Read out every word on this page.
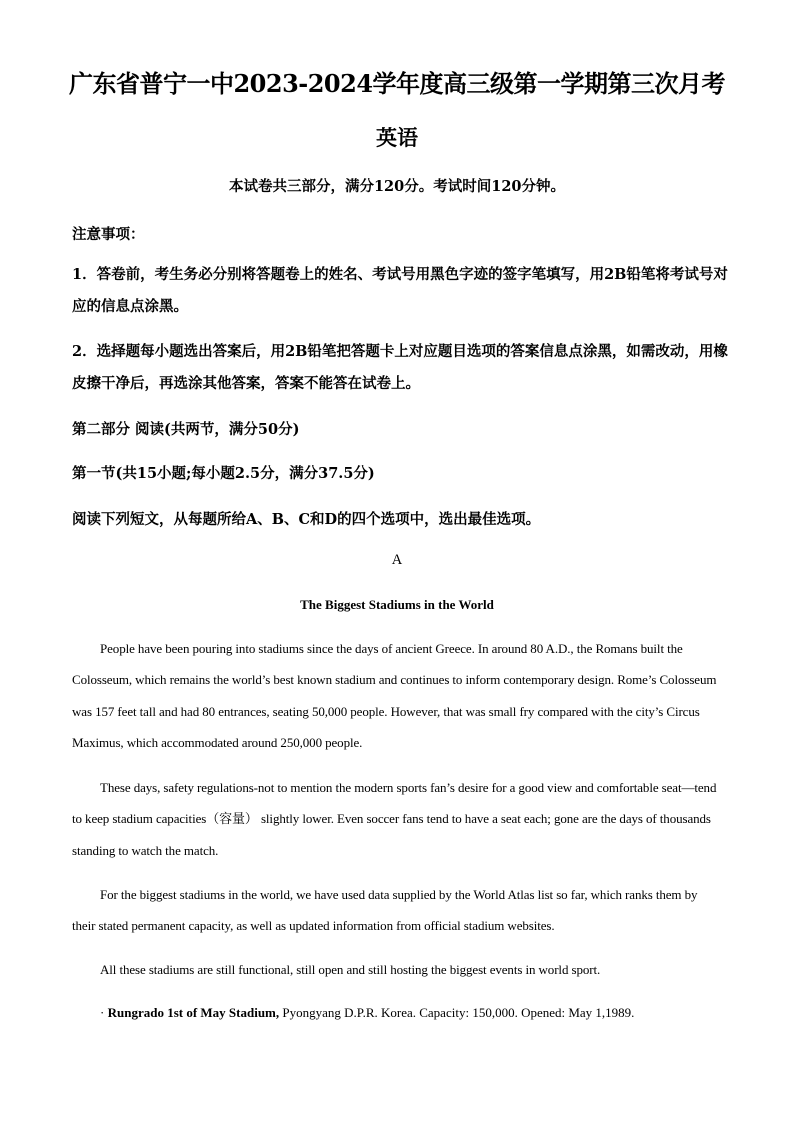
广东省普宁一中2023-2024学年度高三级第一学期第三次月考
英语
本试卷共三部分，满分120分。考试时间120分钟。
注意事项：
1．答卷前，考生务必分别将答题卷上的姓名、考试号用黑色字迹的签字笔填写，用2B铅笔将考试号对应的信息点涂黑。
2．选择题每小题选出答案后，用2B铅笔把答题卡上对应题目选项的答案信息点涂黑，如需改动，用橡皮擦干净后，再选涂其他答案，答案不能答在试卷上。
第二部分 阅读(共两节，满分50分)
第一节(共15小题;每小题2.5分，满分37.5分)
阅读下列短文，从每题所给A、B、C和D的四个选项中，选出最佳选项。
A
The Biggest Stadiums in the World
People have been pouring into stadiums since the days of ancient Greece. In around 80 A.D., the Romans built the Colosseum, which remains the world’s best known stadium and continues to inform contemporary design. Rome’s Colosseum was 157 feet tall and had 80 entrances, seating 50,000 people. However, that was small fry compared with the city’s Circus Maximus, which accommodated around 250,000 people.
These days, safety regulations-not to mention the modern sports fan’s desire for a good view and comfortable seat—tend to keep stadium capacities（容量） slightly lower. Even soccer fans tend to have a seat each; gone are the days of thousands standing to watch the match.
For the biggest stadiums in the world, we have used data supplied by the World Atlas list so far, which ranks them by their stated permanent capacity, as well as updated information from official stadium websites.
All these stadiums are still functional, still open and still hosting the biggest events in world sport.
· Rungrado 1st of May Stadium, Pyongyang D.P.R. Korea. Capacity: 150,000. Opened: May 1,1989.
